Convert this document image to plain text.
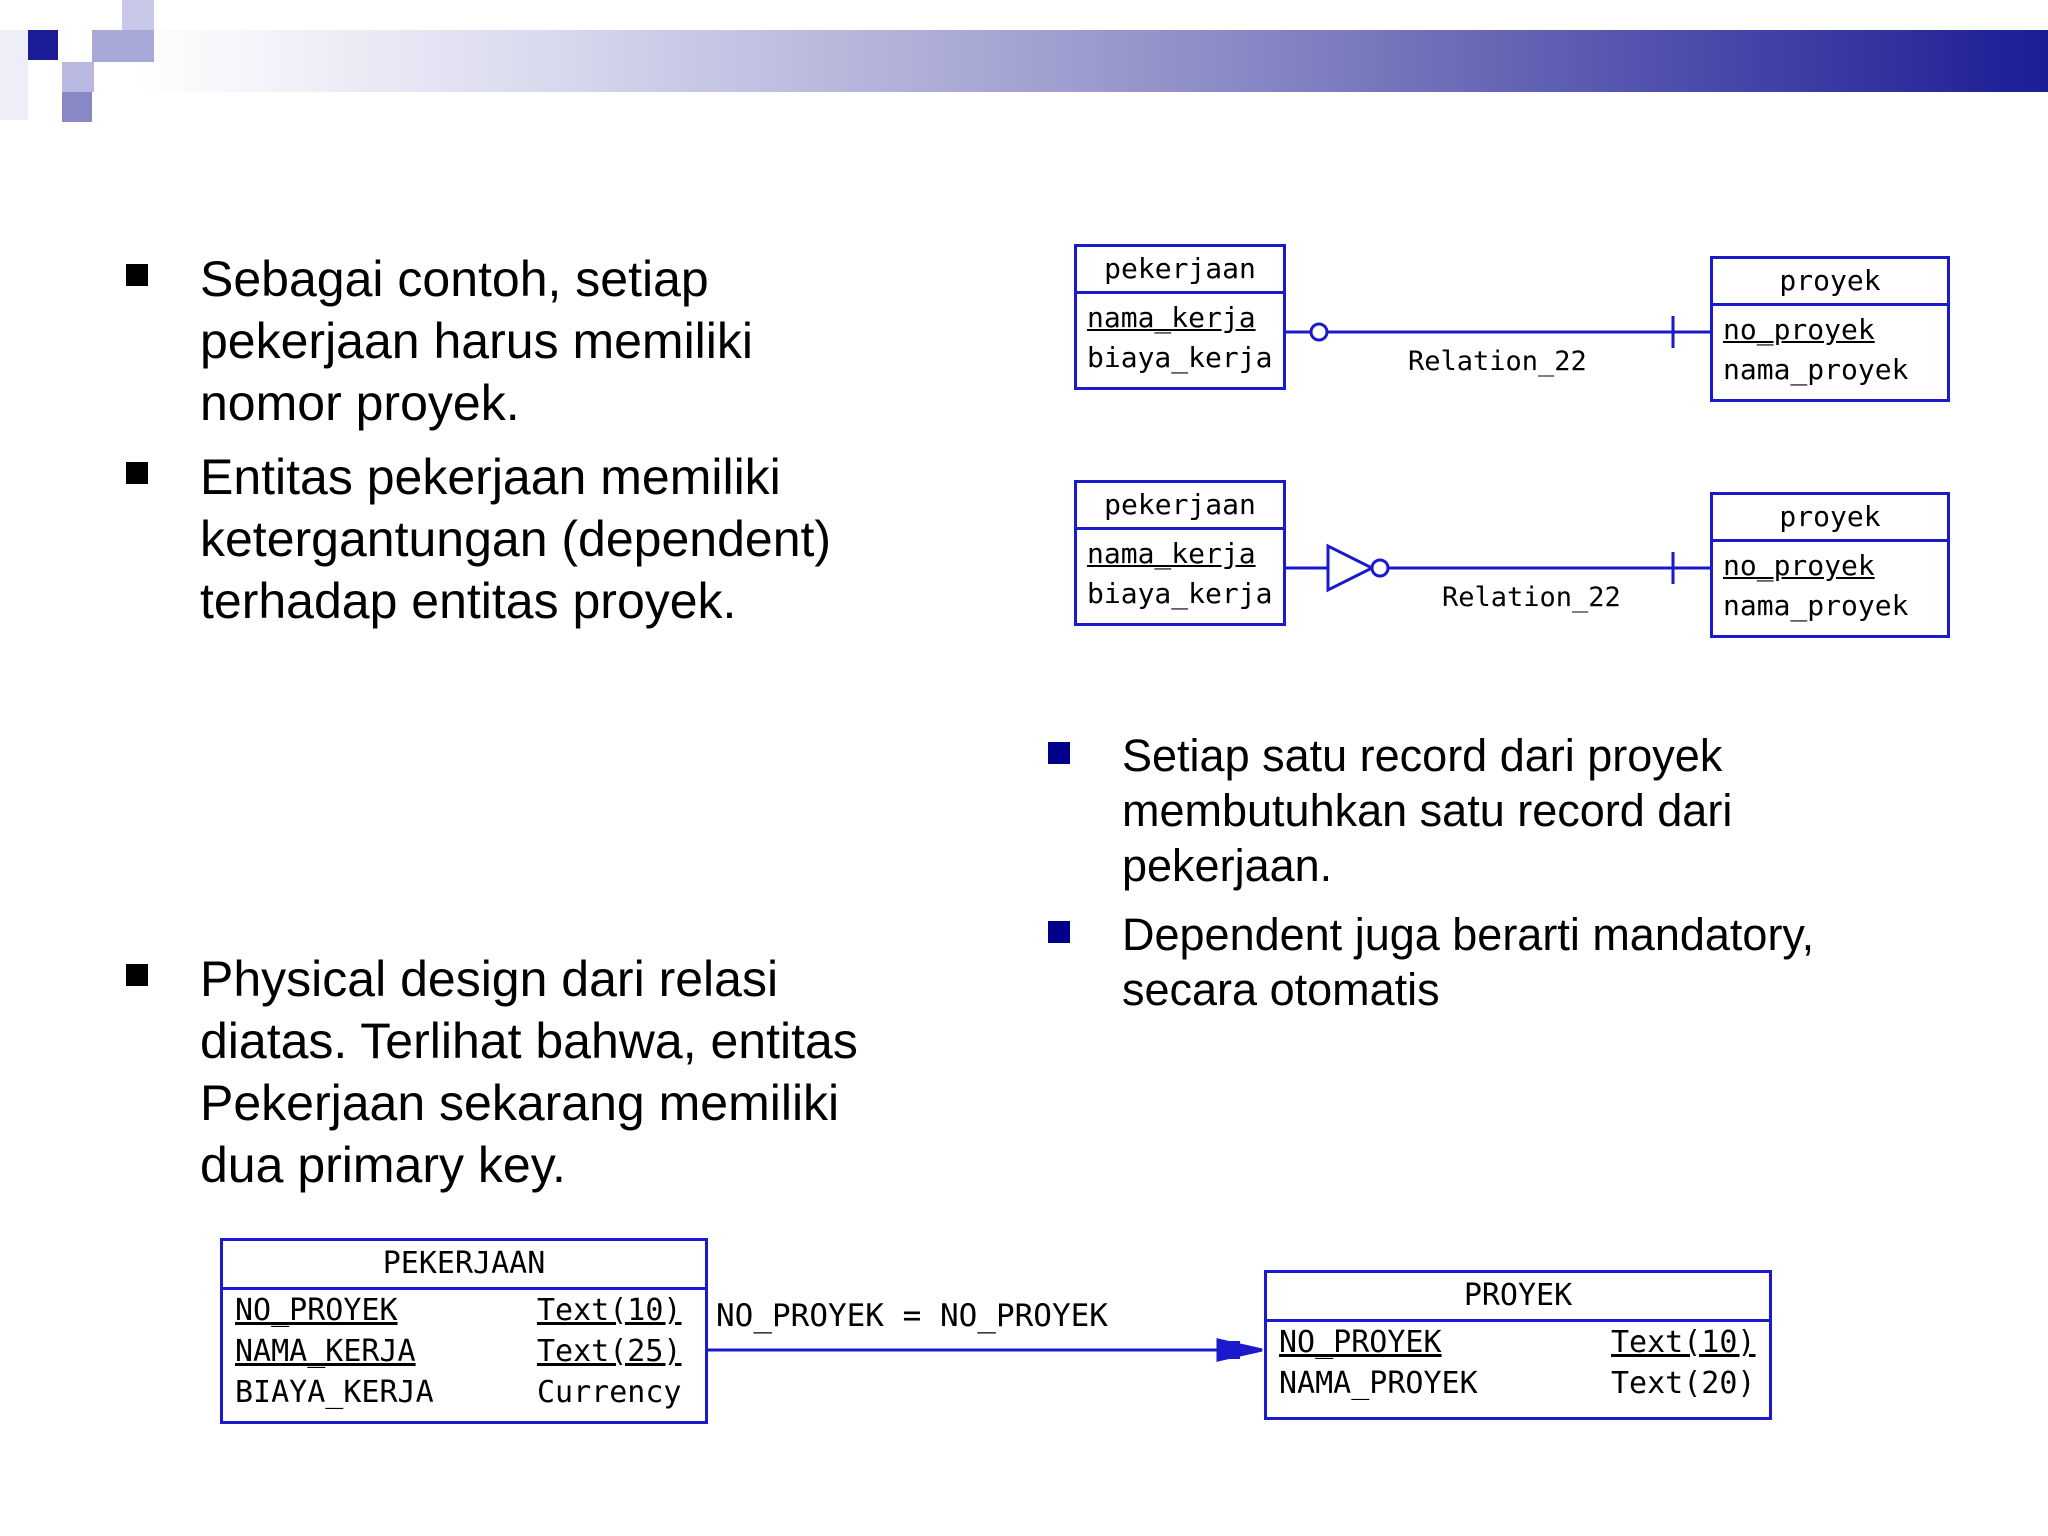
Sebagai contoh, setiap
pekerjaan harus memiliki
nomor proyek.
Entitas pekerjaan memiliki
ketergantungan (dependent)
terhadap entitas proyek.
Physical design dari relasi
diatas. Terlihat bahwa, entitas
Pekerjaan sekarang memiliki
dua primary key.
Setiap satu record dari proyek
membutuhkan satu record dari
pekerjaan.
Dependent juga berarti mandatory,
secara otomatis
pekerjaan
nama_kerja
biaya_kerja
proyek
no_proyek
nama_proyek
Relation_22
pekerjaan
nama_kerja
biaya_kerja
proyek
no_proyek
nama_proyek
Relation_22
PEKERJAAN
NO_PROYEK	Text(10)
NAMA_KERJA	Text(25)
BIAYA_KERJA	Currency
NO_PROYEK = NO_PROYEK
PROYEK
NO_PROYEK	Text(10)
NAMA_PROYEK	Text(20)
